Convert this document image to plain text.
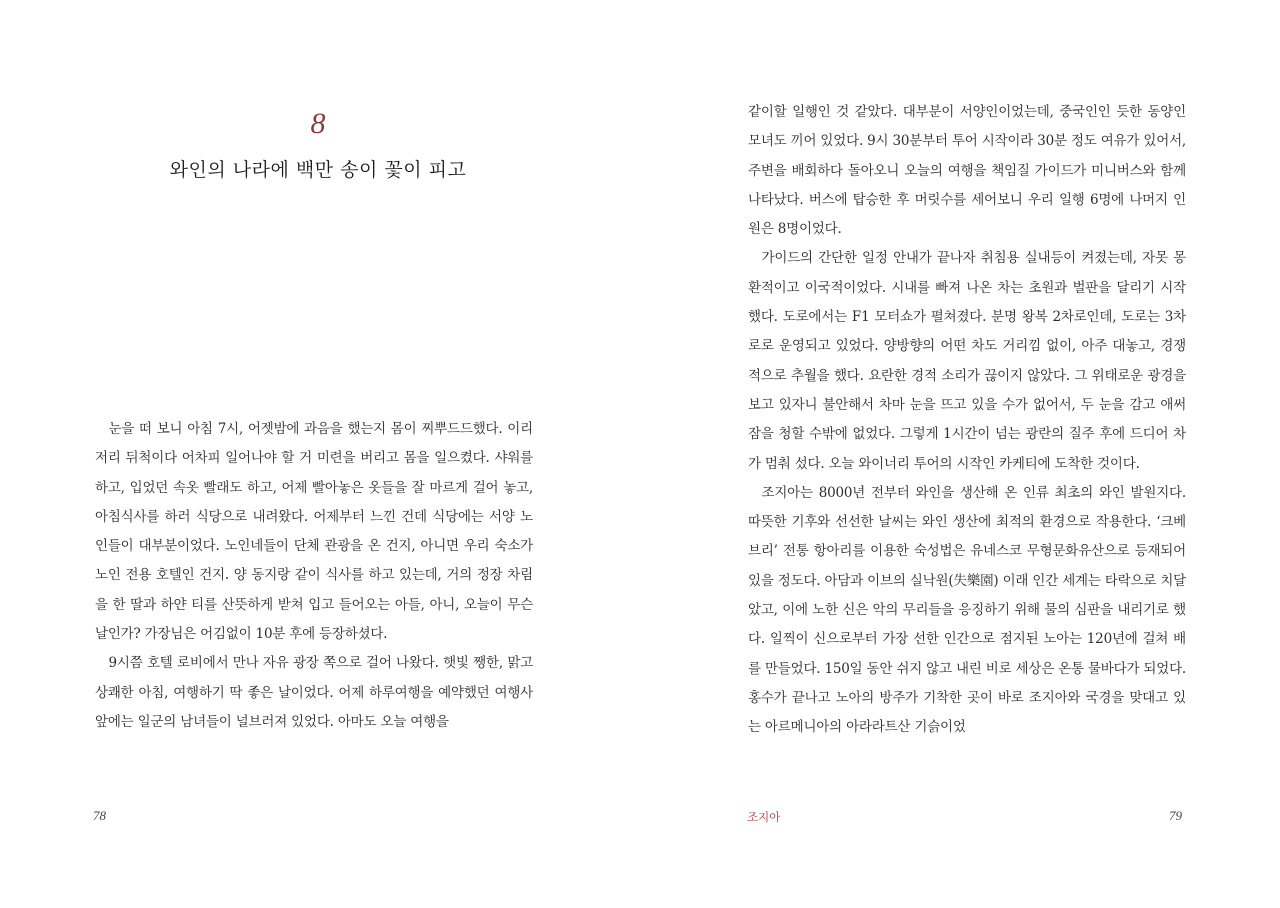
8
와인의 나라에 백만 송이 꽃이 피고

눈을 떠 보니 아침 7시, 어젯밤에 과음을 했는지 몸이 찌뿌드드했다. 이리저리 뒤척이다 어차피 일어나야 할 거 미련을 버리고 몸을 일으켰다. 샤워를 하고, 입었던 속옷 빨래도 하고, 어제 빨아놓은 옷들을 잘 마르게 걸어 놓고, 아침식사를 하러 식당으로 내려왔다. 어제부터 느낀 건데 식당에는 서양 노인들이 대부분이었다. 노인네들이 단체 관광을 온 건지, 아니면 우리 숙소가 노인 전용 호텔인 건지. 양 동지랑 같이 식사를 하고 있는데, 거의 정장 차림을 한 딸과 하얀 티를 산뜻하게 받쳐 입고 들어오는 아들, 아니, 오늘이 무슨 날인가? 가장님은 어김없이 10분 후에 등장하셨다.

9시쯤 호텔 로비에서 만나 자유 광장 쪽으로 걸어 나왔다. 햇빛 쨍한, 맑고 상쾌한 아침, 여행하기 딱 좋은 날이었다. 어제 하루여행을 예약했던 여행사 앞에는 일군의 남녀들이 널브러져 있었다. 아마도 오늘 여행을

78

같이할 일행인 것 같았다. 대부분이 서양인이었는데, 중국인인 듯한 동양인 모녀도 끼어 있었다. 9시 30분부터 투어 시작이라 30분 정도 여유가 있어서, 주변을 배회하다 돌아오니 오늘의 여행을 책임질 가이드가 미니버스와 함께 나타났다. 버스에 탑승한 후 머릿수를 세어보니 우리 일행 6명에 나머지 인원은 8명이었다.

가이드의 간단한 일정 안내가 끝나자 취침용 실내등이 켜졌는데, 자못 몽환적이고 이국적이었다. 시내를 빠져 나온 차는 초원과 벌판을 달리기 시작했다. 도로에서는 F1 모터쇼가 펼쳐졌다. 분명 왕복 2차로인데, 도로는 3차로로 운영되고 있었다. 양방향의 어떤 차도 거리낌 없이, 아주 대놓고, 경쟁적으로 추월을 했다. 요란한 경적 소리가 끊이지 않았다. 그 위태로운 광경을 보고 있자니 불안해서 차마 눈을 뜨고 있을 수가 없어서, 두 눈을 감고 애써 잠을 청할 수밖에 없었다. 그렇게 1시간이 넘는 광란의 질주 후에 드디어 차가 멈춰 섰다. 오늘 와이너리 투어의 시작인 카케티에 도착한 것이다.

조지아는 8000년 전부터 와인을 생산해 온 인류 최초의 와인 발원지다. 따뜻한 기후와 선선한 날씨는 와인 생산에 최적의 환경으로 작용한다. ‘크베브리’ 전통 항아리를 이용한 숙성법은 유네스코 무형문화유산으로 등재되어 있을 정도다. 아담과 이브의 실낙원(失樂園) 이래 인간 세계는 타락으로 치달았고, 이에 노한 신은 악의 무리들을 응징하기 위해 물의 심판을 내리기로 했다. 일찍이 신으로부터 가장 선한 인간으로 점지된 노아는 120년에 걸쳐 배를 만들었다. 150일 동안 쉬지 않고 내린 비로 세상은 온통 물바다가 되었다. 홍수가 끝나고 노아의 방주가 기착한 곳이 바로 조지아와 국경을 맞대고 있는 아르메니아의 아라라트산 기슭이었

조지아	79
